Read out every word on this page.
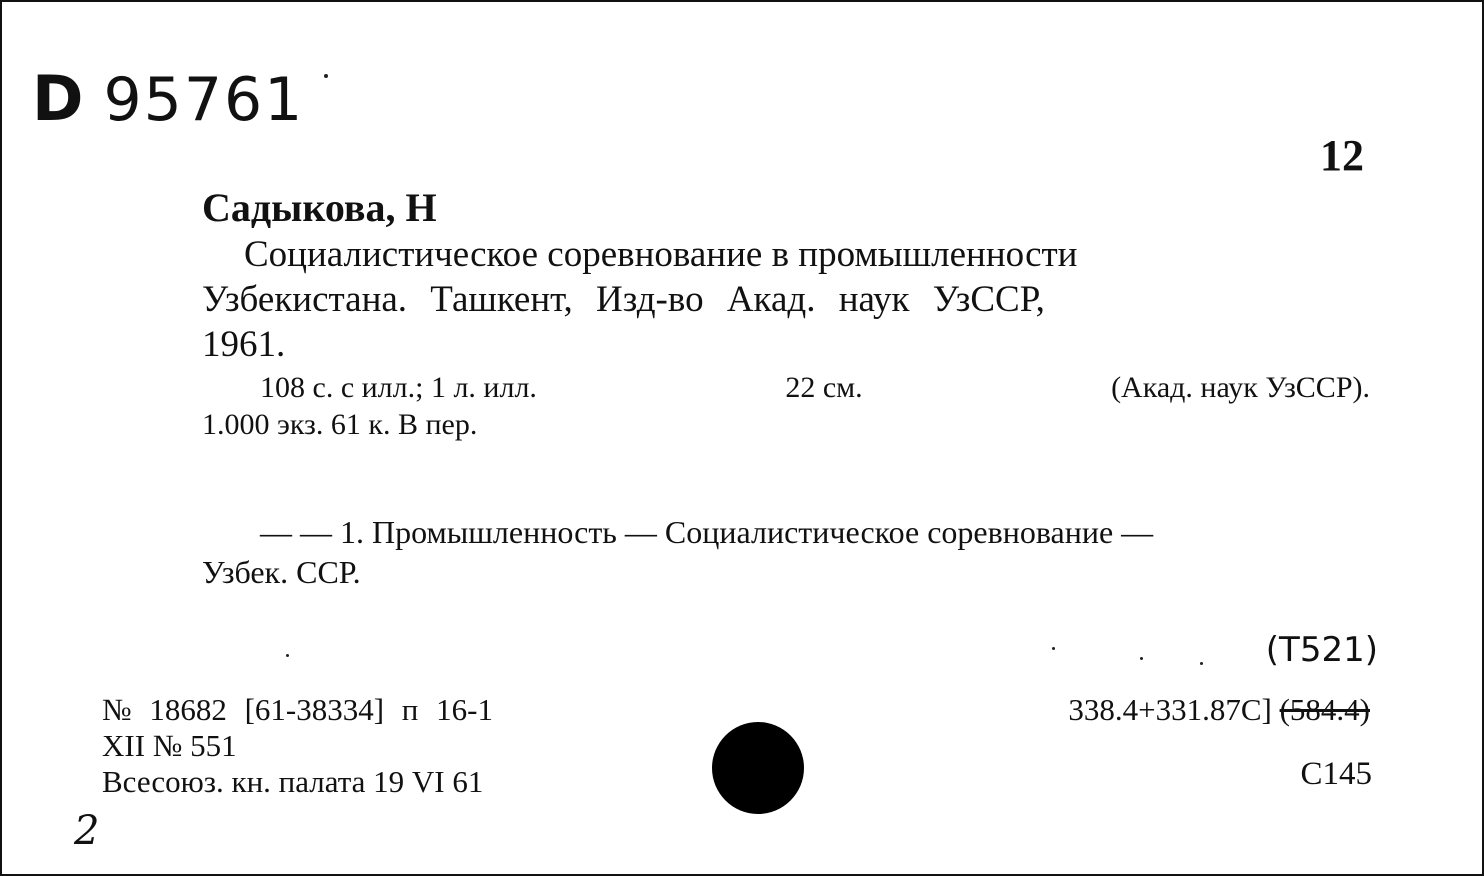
D 95761
12
Садыкова, Н
Социалистическое соревнование в промышленности
Узбекистана. Ташкент, Изд-во Акад. наук УзССР,
1961.
108 с. с илл.; 1 л. илл.	22 см.	(Акад. наук УзССР).
1.000 экз. 61 к. В пер.
— — 1. Промышленность — Социалистическое соревнование —
Узбек. ССР.
№ 18682 [61-38334] п 16-1
XII № 551
Всесоюз. кн. палата 19 VI 61
(Т521)
338.4+331.87С] (584.4)
С145
2
